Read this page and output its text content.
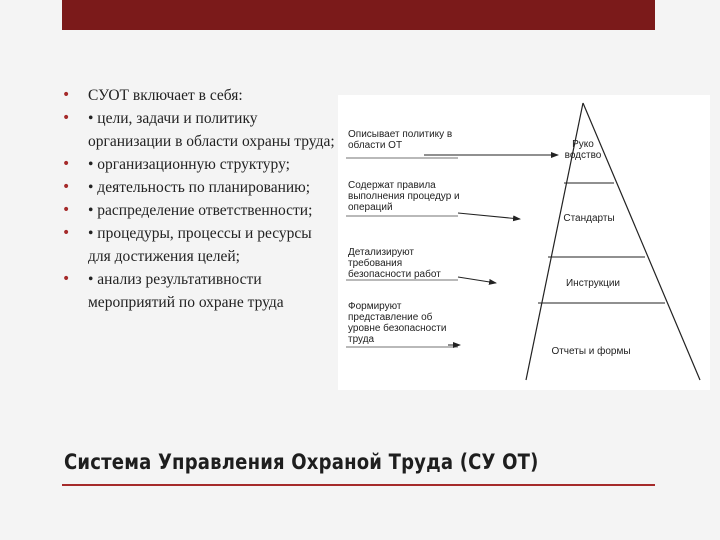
• СУОТ включает в себя:
• • цели, задачи и политику организации в области охраны труда;
• • организационную структуру;
• • деятельность по планированию;
• • распределение ответственности;
• • процедуры, процессы и ресурсы для достижения целей;
• • анализ результативности мероприятий по охране труда
Описывает политику в области ОТ
Содержат правила выполнения процедур и операций
Детализируют требования безопасности работ
Формируют представление об уровне безопасности труда
Руко водство
Стандарты
Инструкции
Отчеты и формы
Система Управления Охраной Труда (СУ ОТ)
